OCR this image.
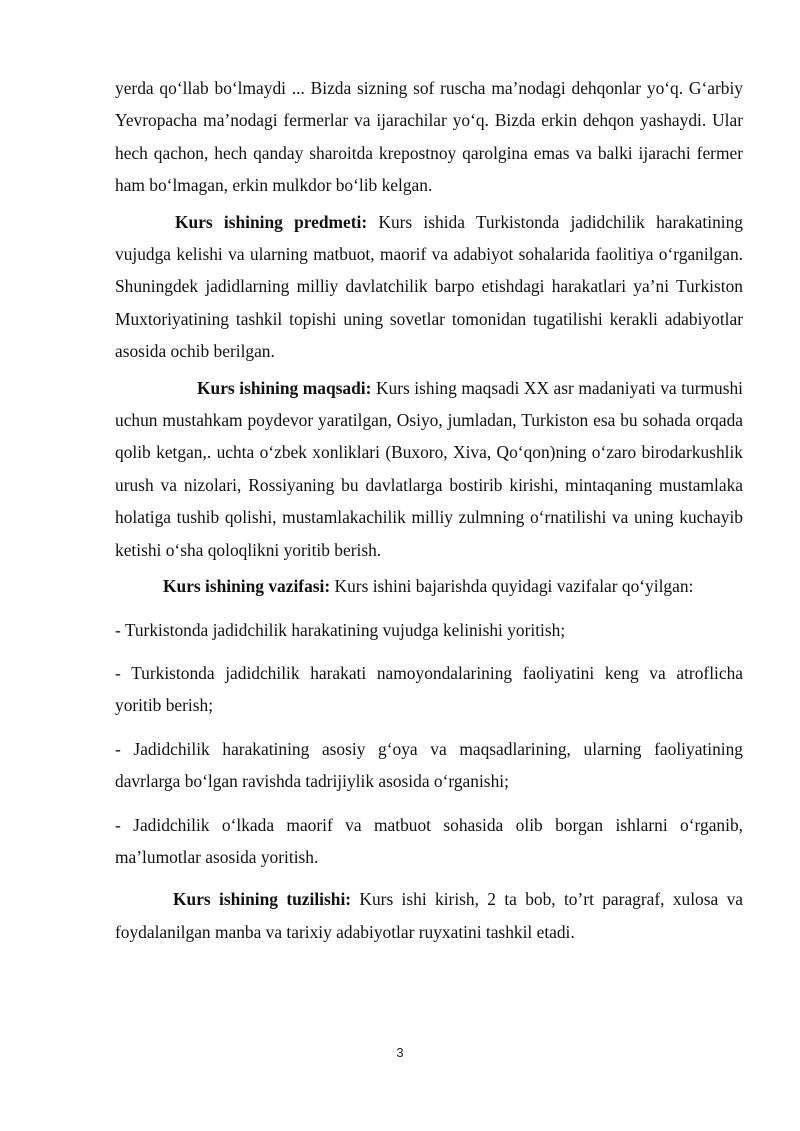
yerda qo‘llab bo‘lmaydi ... Bizda sizning sof ruscha ma’nodagi dehqonlar yo‘q. G‘arbiy Yevropacha ma’nodagi fermerlar va ijarachilar yo‘q. Bizda erkin dehqon yashaydi. Ular hech qachon, hech qanday sharoitda krepostnoy qarolgina emas va balki ijarachi fermer ham bo‘lmagan, erkin mulkdor bo‘lib kelgan.

Kurs ishining predmeti: Kurs ishida Turkistonda jadidchilik harakatining vujudga kelishi va ularning matbuot, maorif va adabiyot sohalarida faolitiya o‘rganilgan. Shuningdek jadidlarning milliy davlatchilik barpo etishdagi harakatlari ya’ni Turkiston Muxtoriyatining tashkil topishi uning sovetlar tomonidan tugatilishi kerakli adabiyotlar asosida ochib berilgan.

Kurs ishining maqsadi: Kurs ishing maqsadi XX asr madaniyati va turmushi uchun mustahkam poydevor yaratilgan, Osiyo, jumladan, Turkiston esa bu sohada orqada qolib ketgan,. uchta o‘zbek xonliklari (Buxoro, Xiva, Qo‘qon)ning o‘zaro birodarkushlik urush va nizolari, Rossiyaning bu davlatlarga bostirib kirishi, mintaqaning mustamlaka holatiga tushib qolishi, mustamlakachilik milliy zulmning o‘rnatilishi va uning kuchayib ketishi o‘sha qoloqlikni yoritib berish.

Kurs ishining vazifasi: Kurs ishini bajarishda quyidagi vazifalar qo‘yilgan:

- Turkistonda jadidchilik harakatining vujudga kelinishi yoritish;

- Turkistonda jadidchilik harakati namoyondalarining faoliyatini keng va atroflicha yoritib berish;

- Jadidchilik harakatining asosiy g‘oya va maqsadlarining, ularning faoliyatining davrlarga bo‘lgan ravishda tadrijiylik asosida o‘rganishi;

- Jadidchilik o‘lkada maorif va matbuot sohasida olib borgan ishlarni o‘rganib, ma’lumotlar asosida yoritish.

Kurs ishining tuzilishi: Kurs ishi kirish, 2 ta bob, to’rt paragraf, xulosa va foydalanilgan manba va tarixiy adabiyotlar ruyxatini tashkil etadi.

3
